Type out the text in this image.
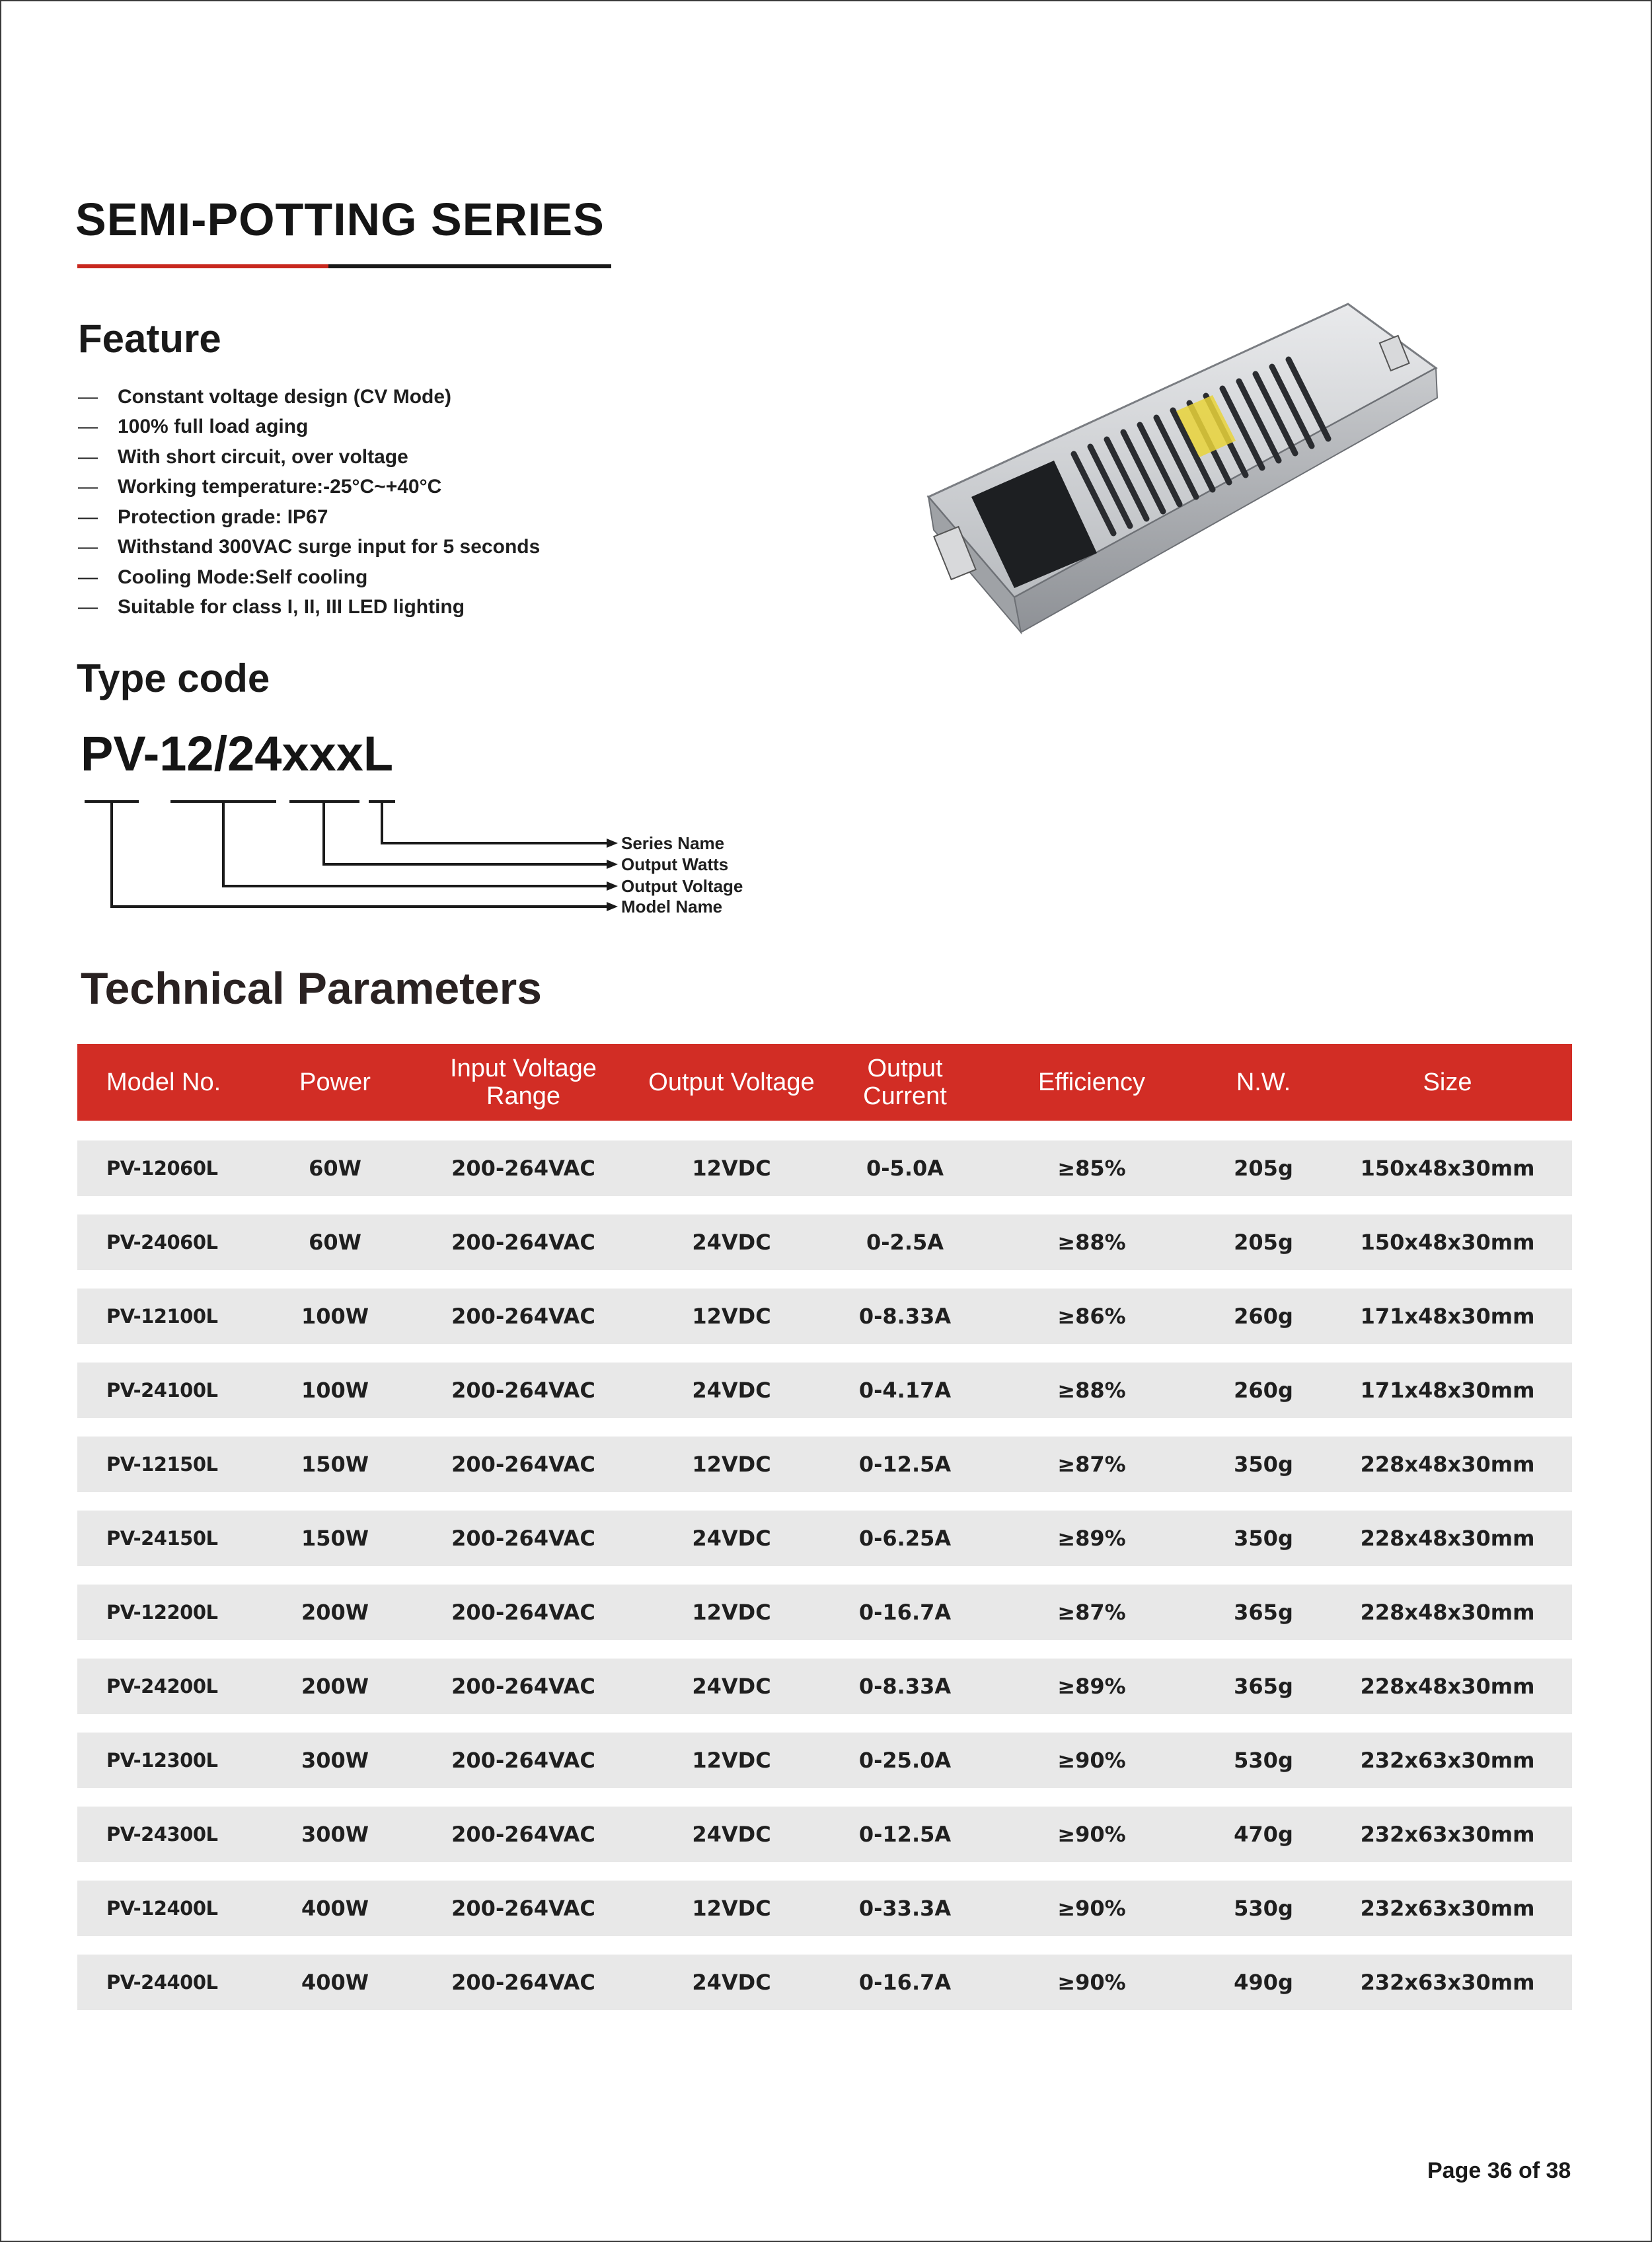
SEMI-POTTING SERIES
Feature
—	Constant voltage design (CV Mode)
—	100% full load aging
—	With short circuit, over voltage
—	Working temperature:-25°C~+40°C
—	Protection grade: IP67
—	Withstand 300VAC surge input for 5 seconds
—	Cooling Mode:Self cooling
—	Suitable for class I, II, III LED lighting
Type code
PV-12/24xxxL
Series Name
Output Watts
Output Voltage
Model Name
Technical Parameters
Model No.	Power	Input Voltage Range	Output Voltage	Output Current	Efficiency	N.W.	Size
PV-12060L	60W	200-264VAC	12VDC	0-5.0A	≥85%	205g	150x48x30mm
PV-24060L	60W	200-264VAC	24VDC	0-2.5A	≥88%	205g	150x48x30mm
PV-12100L	100W	200-264VAC	12VDC	0-8.33A	≥86%	260g	171x48x30mm
PV-24100L	100W	200-264VAC	24VDC	0-4.17A	≥88%	260g	171x48x30mm
PV-12150L	150W	200-264VAC	12VDC	0-12.5A	≥87%	350g	228x48x30mm
PV-24150L	150W	200-264VAC	24VDC	0-6.25A	≥89%	350g	228x48x30mm
PV-12200L	200W	200-264VAC	12VDC	0-16.7A	≥87%	365g	228x48x30mm
PV-24200L	200W	200-264VAC	24VDC	0-8.33A	≥89%	365g	228x48x30mm
PV-12300L	300W	200-264VAC	12VDC	0-25.0A	≥90%	530g	232x63x30mm
PV-24300L	300W	200-264VAC	24VDC	0-12.5A	≥90%	470g	232x63x30mm
PV-12400L	400W	200-264VAC	12VDC	0-33.3A	≥90%	530g	232x63x30mm
PV-24400L	400W	200-264VAC	24VDC	0-16.7A	≥90%	490g	232x63x30mm
Page 36 of 38
